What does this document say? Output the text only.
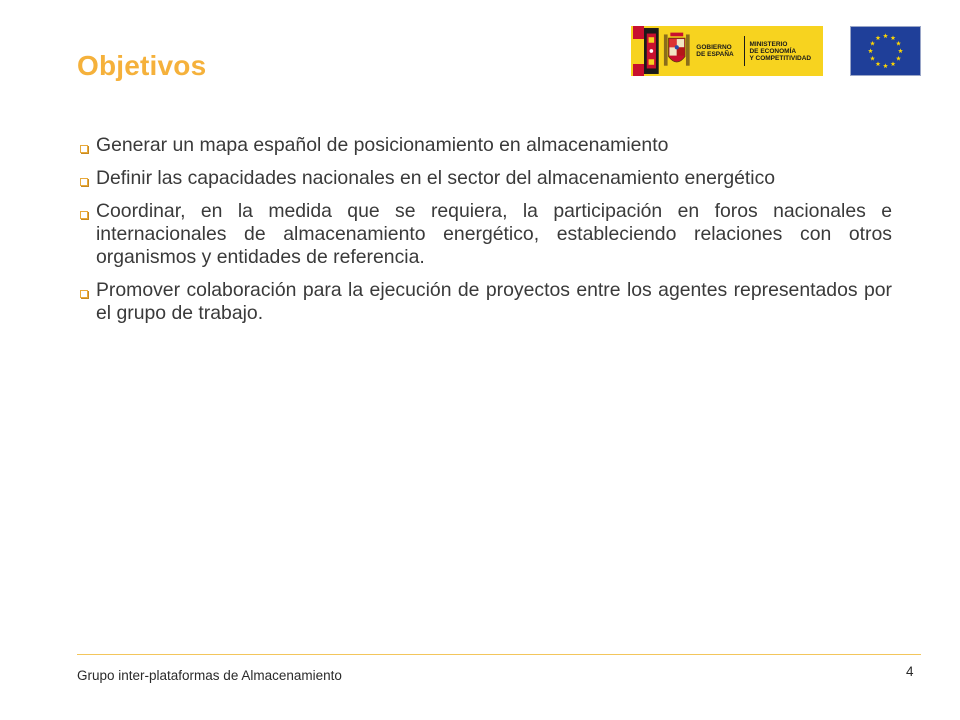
Objetivos
GOBIERNO
DE ESPAÑA
MINISTERIO
DE ECONOMÍA
Y COMPETITIVIDAD
Generar un mapa español de posicionamiento en almacenamiento
Definir las capacidades nacionales en el sector del almacenamiento energético
Coordinar, en la medida que se requiera, la participación en foros nacionales e internacionales de almacenamiento energético, estableciendo relaciones con otros organismos y entidades de referencia.
Promover colaboración para la ejecución de proyectos entre los agentes representados por el grupo de trabajo.
Grupo inter-plataformas de Almacenamiento	4
